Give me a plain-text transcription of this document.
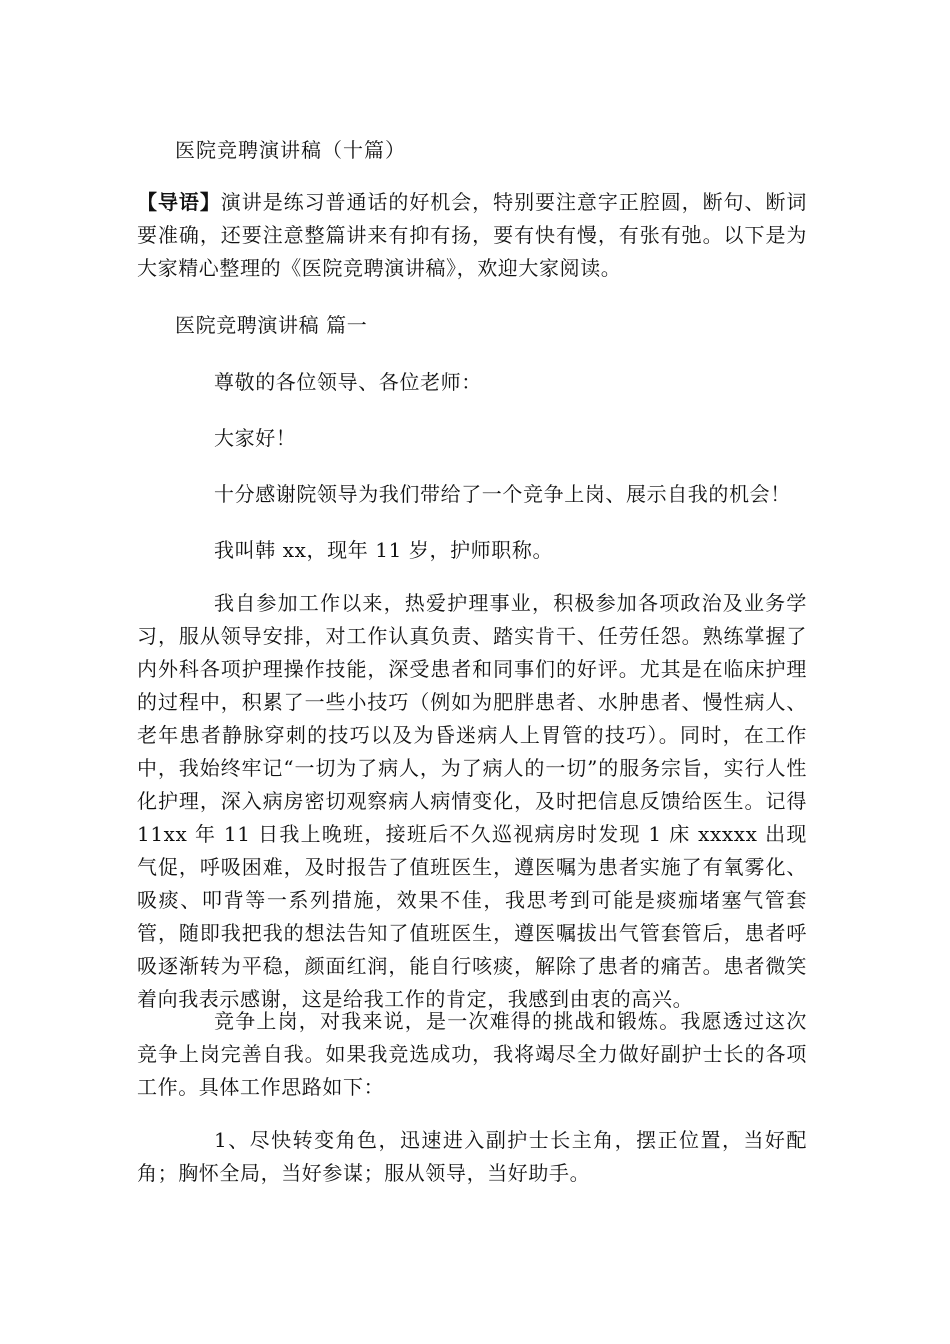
医院竞聘演讲稿（十篇）

【导语】演讲是练习普通话的好机会，特别要注意字正腔圆，断句、断词要准确，还要注意整篇讲来有抑有扬，要有快有慢，有张有弛。以下是为大家精心整理的《医院竞聘演讲稿》，欢迎大家阅读。

医院竞聘演讲稿 篇一

尊敬的各位领导、各位老师：

大家好！

十分感谢院领导为我们带给了一个竞争上岗、展示自我的机会！

我叫韩 xx，现年 11 岁，护师职称。

我自参加工作以来，热爱护理事业，积极参加各项政治及业务学习，服从领导安排，对工作认真负责、踏实肯干、任劳任怨。熟练掌握了内外科各项护理操作技能，深受患者和同事们的好评。尤其是在临床护理的过程中，积累了一些小技巧（例如为肥胖患者、水肿患者、慢性病人、老年患者静脉穿刺的技巧以及为昏迷病人上胃管的技巧）。同时，在工作中，我始终牢记“一切为了病人，为了病人的一切”的服务宗旨，实行人性化护理，深入病房密切观察病人病情变化，及时把信息反馈给医生。记得 11xx 年 11 日我上晚班，接班后不久巡视病房时发现 1 床 xxxxx 出现气促，呼吸困难，及时报告了值班医生，遵医嘱为患者实施了有氧雾化、吸痰、叩背等一系列措施，效果不佳，我思考到可能是痰痂堵塞气管套管，随即我把我的想法告知了值班医生，遵医嘱拔出气管套管后，患者呼吸逐渐转为平稳，颜面红润，能自行咳痰，解除了患者的痛苦。患者微笑着向我表示感谢，这是给我工作的肯定，我感到由衷的高兴。

竞争上岗，对我来说，是一次难得的挑战和锻炼。我愿透过这次竞争上岗完善自我。如果我竞选成功，我将竭尽全力做好副护士长的各项工作。具体工作思路如下：

1、尽快转变角色，迅速进入副护士长主角，摆正位置，当好配角；胸怀全局，当好参谋；服从领导，当好助手。
